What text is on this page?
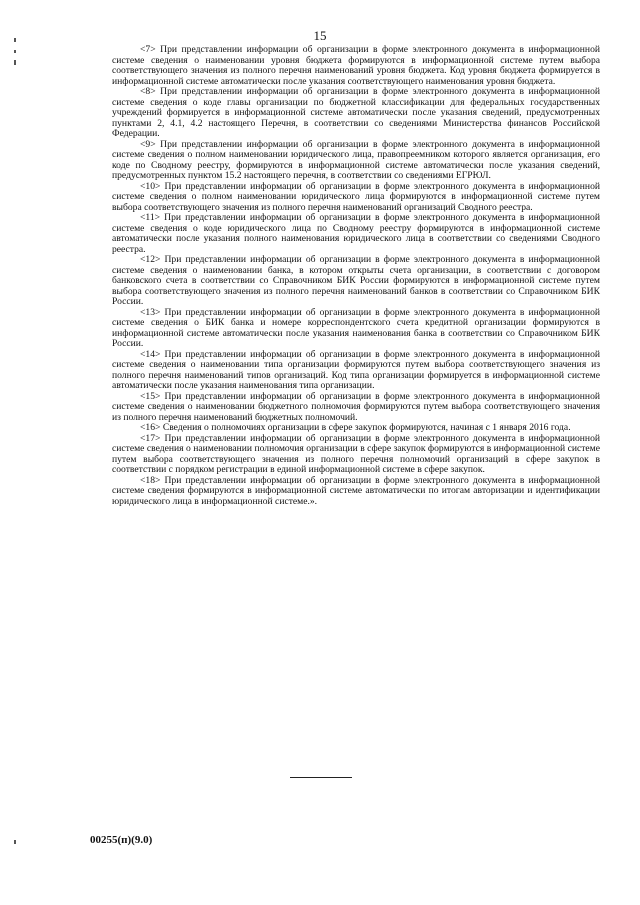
15

<7> При представлении информации об организации в форме электронного документа в информационной системе сведения о наименовании уровня бюджета формируются в информационной системе путем выбора соответствующего значения из полного перечня наименований уровня бюджета. Код уровня бюджета формируется в информационной системе автоматически после указания соответствующего наименования уровня бюджета.

<8> При представлении информации об организации в форме электронного документа в информационной системе сведения о коде главы организации по бюджетной классификации для федеральных государственных учреждений формируется в информационной системе автоматически после указания сведений, предусмотренных пунктами 2, 4.1, 4.2 настоящего Перечня, в соответствии со сведениями Министерства финансов Российской Федерации.

<9> При представлении информации об организации в форме электронного документа в информационной системе сведения о полном наименовании юридического лица, правопреемником которого является организация, его коде по Сводному реестру, формируются в информационной системе автоматически после указания сведений, предусмотренных пунктом 15.2 настоящего перечня, в соответствии со сведениями ЕГРЮЛ.

<10> При представлении информации об организации в форме электронного документа в информационной системе сведения о полном наименовании юридического лица формируются в информационной системе путем выбора соответствующего значения из полного перечня наименований организаций Сводного реестра.

<11> При представлении информации об организации в форме электронного документа в информационной системе сведения о коде юридического лица по Сводному реестру формируются в информационной системе автоматически после указания полного наименования юридического лица в соответствии со сведениями Сводного реестра.

<12> При представлении информации об организации в форме электронного документа в информационной системе сведения о наименовании банка, в котором открыты счета организации, в соответствии с договором банковского счета в соответствии со Справочником БИК России формируются в информационной системе путем выбора соответствующего значения из полного перечня наименований банков в соответствии со Справочником БИК России.

<13> При представлении информации об организации в форме электронного документа в информационной системе сведения о БИК банка и номере корреспондентского счета кредитной организации формируются в информационной системе автоматически после указания наименования банка в соответствии со Справочником БИК России.

<14> При представлении информации об организации в форме электронного документа в информационной системе сведения о наименовании типа организации формируются путем выбора соответствующего значения из полного перечня наименований типов организаций. Код типа организации формируется в информационной системе автоматически после указания наименования типа организации.

<15> При представлении информации об организации в форме электронного документа в информационной системе сведения о наименовании бюджетного полномочия формируются путем выбора соответствующего значения из полного перечня наименований бюджетных полномочий.

<16> Сведения о полномочиях организации в сфере закупок формируются, начиная с 1 января 2016 года.

<17> При представлении информации об организации в форме электронного документа в информационной системе сведения о наименовании полномочия организации в сфере закупок формируются в информационной системе путем выбора соответствующего значения из полного перечня полномочий организаций в сфере закупок в соответствии с порядком регистрации в единой информационной системе в сфере закупок.

<18> При представлении информации об организации в форме электронного документа в информационной системе сведения формируются в информационной системе автоматически по итогам авторизации и идентификации юридического лица в информационной системе.».

00255(п)(9.0)
